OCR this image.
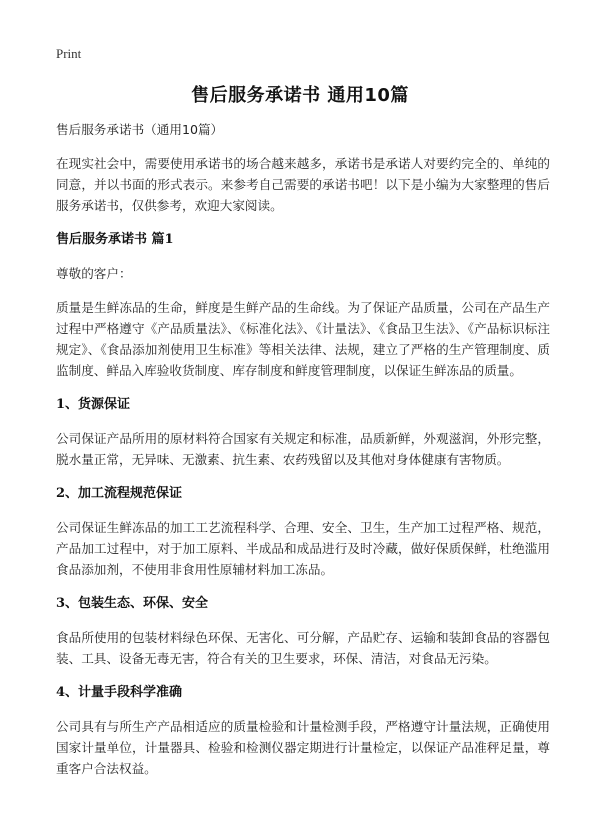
Print
售后服务承诺书 通用10篇

售后服务承诺书（通用10篇）

在现实社会中，需要使用承诺书的场合越来越多，承诺书是承诺人对要约完全的、单纯的同意，并以书面的形式表示。来参考自己需要的承诺书吧！以下是小编为大家整理的售后服务承诺书，仅供参考，欢迎大家阅读。

售后服务承诺书 篇1

尊敬的客户：

质量是生鲜冻品的生命，鲜度是生鲜产品的生命线。为了保证产品质量，公司在产品生产过程中严格遵守《产品质量法》、《标准化法》、《计量法》、《食品卫生法》、《产品标识标注规定》、《食品添加剂使用卫生标准》等相关法律、法规，建立了严格的生产管理制度、质监制度、鲜品入库验收货制度、库存制度和鲜度管理制度，以保证生鲜冻品的质量。

1、货源保证

公司保证产品所用的原材料符合国家有关规定和标准，品质新鲜，外观滋润，外形完整，脱水量正常，无异味、无激素、抗生素、农药残留以及其他对身体健康有害物质。

2、加工流程规范保证

公司保证生鲜冻品的加工工艺流程科学、合理、安全、卫生，生产加工过程严格、规范，产品加工过程中，对于加工原料、半成品和成品进行及时冷藏，做好保质保鲜，杜绝滥用食品添加剂，不使用非食用性原辅材料加工冻品。

3、包装生态、环保、安全

食品所使用的包装材料绿色环保、无害化、可分解，产品贮存、运输和装卸食品的容器包装、工具、设备无毒无害，符合有关的卫生要求，环保、清洁，对食品无污染。

4、计量手段科学准确

公司具有与所生产产品相适应的质量检验和计量检测手段，严格遵守计量法规，正确使用国家计量单位，计量器具、检验和检测仪器定期进行计量检定，以保证产品准秤足量，尊重客户合法权益。
